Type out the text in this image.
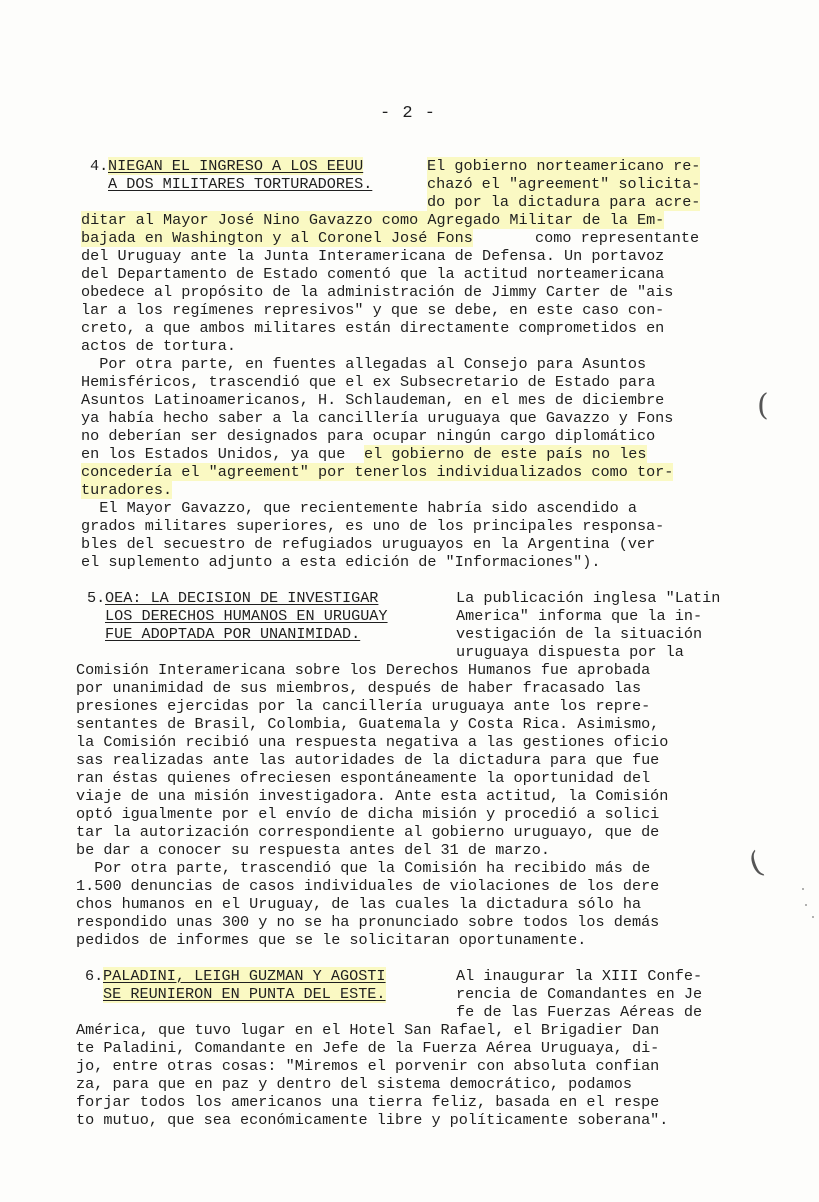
- 2 -
4. NIEGAN EL INGRESO A LOS EEUU
A DOS MILITARES TORTURADORES.
El gobierno norteamericano re-
chazó el "agreement" solicita-
do por la dictadura para acre-
ditar al Mayor José Nino Gavazzo como Agregado Militar de la Em-
bajada en Washington y al Coronel José Fons	como representante
del Uruguay ante la Junta Interamericana de Defensa. Un portavoz
del Departamento de Estado comentó que la actitud norteamericana
obedece al propósito de la administración de Jimmy Carter de "ais
lar a los regímenes represivos" y que se debe, en este caso con-
creto, a que ambos militares están directamente comprometidos en
actos de tortura.
Por otra parte, en fuentes allegadas al Consejo para Asuntos
Hemisféricos, trascendió que el ex Subsecretario de Estado para
Asuntos Latinoamericanos, H. Schlaudeman, en el mes de diciembre
ya había hecho saber a la cancillería uruguaya que Gavazzo y Fons
no deberían ser designados para ocupar ningún cargo diplomático
en los Estados Unidos, ya que el gobierno de este país no les
concedería el "agreement" por tenerlos individualizados como tor-
turadores.
El Mayor Gavazzo, que recientemente habría sido ascendido a
grados militares superiores, es uno de los principales responsa-
bles del secuestro de refugiados uruguayos en la Argentina (ver
el suplemento adjunto a esta edición de "Informaciones").
5. OEA: LA DECISION DE INVESTIGAR
LOS DERECHOS HUMANOS EN URUGUAY
FUE ADOPTADA POR UNANIMIDAD.
La publicación inglesa "Latin
America" informa que la in-
vestigación de la situación
uruguaya dispuesta por la
Comisión Interamericana sobre los Derechos Humanos fue aprobada
por unanimidad de sus miembros, después de haber fracasado las
presiones ejercidas por la cancillería uruguaya ante los repre-
sentantes de Brasil, Colombia, Guatemala y Costa Rica. Asimismo,
la Comisión recibió una respuesta negativa a las gestiones oficio
sas realizadas ante las autoridades de la dictadura para que fue
ran éstas quienes ofreciesen espontáneamente la oportunidad del
viaje de una misión investigadora. Ante esta actitud, la Comisión
optó igualmente por el envío de dicha misión y procedió a solici
tar la autorización correspondiente al gobierno uruguayo, que de
be dar a conocer su respuesta antes del 31 de marzo.
Por otra parte, trascendió que la Comisión ha recibido más de
1.500 denuncias de casos individuales de violaciones de los dere
chos humanos en el Uruguay, de las cuales la dictadura sólo ha
respondido unas 300 y no se ha pronunciado sobre todos los demás
pedidos de informes que se le solicitaran oportunamente.
6. PALADINI, LEIGH GUZMAN Y AGOSTI
SE REUNIERON EN PUNTA DEL ESTE.
Al inaugurar la XIII Confe-
rencia de Comandantes en Je
fe de las Fuerzas Aéreas de
América, que tuvo lugar en el Hotel San Rafael, el Brigadier Dan
te Paladini, Comandante en Jefe de la Fuerza Aérea Uruguaya, di-
jo, entre otras cosas: "Miremos el porvenir con absoluta confian
za, para que en paz y dentro del sistema democrático, podamos
forjar todos los americanos una tierra feliz, basada en el respe
to mutuo, que sea económicamente libre y políticamente soberana".
(
(
